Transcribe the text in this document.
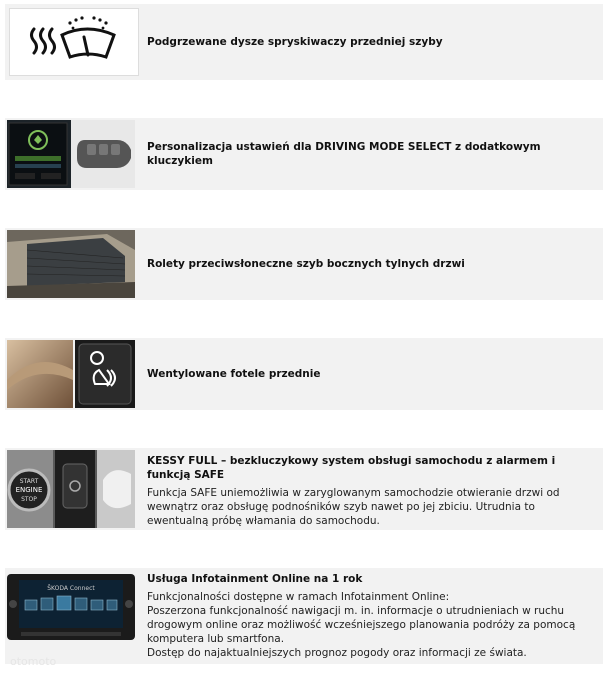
Podgrzewane dysze spryskiwaczy przedniej szyby
Personalizacja ustawień dla DRIVING MODE SELECT z dodatkowym kluczykiem
Rolety przeciwsłoneczne szyb bocznych tylnych drzwi
Wentylowane fotele przednie
START
ENGINE
STOP
KESSY FULL – bezkluczykowy system obsługi samochodu z alarmem i funkcją SAFE
Funkcja SAFE uniemożliwia w zaryglowanym samochodzie otwieranie drzwi od wewnątrz oraz obsługę podnośników szyb nawet po jej zbiciu. Utrudnia to ewentualną próbę włamania do samochodu.
ŠKODA Connect
Usługa Infotainment Online na 1 rok
Funkcjonalności dostępne w ramach Infotainment Online:
Poszerzona funkcjonalność nawigacji m. in. informacje o utrudnieniach w ruchu drogowym online oraz możliwość wcześniejszego planowania podróży za pomocą komputera lub smartfona.
Dostęp do najaktualniejszych prognoz pogody oraz informacji ze świata.
otomoto
